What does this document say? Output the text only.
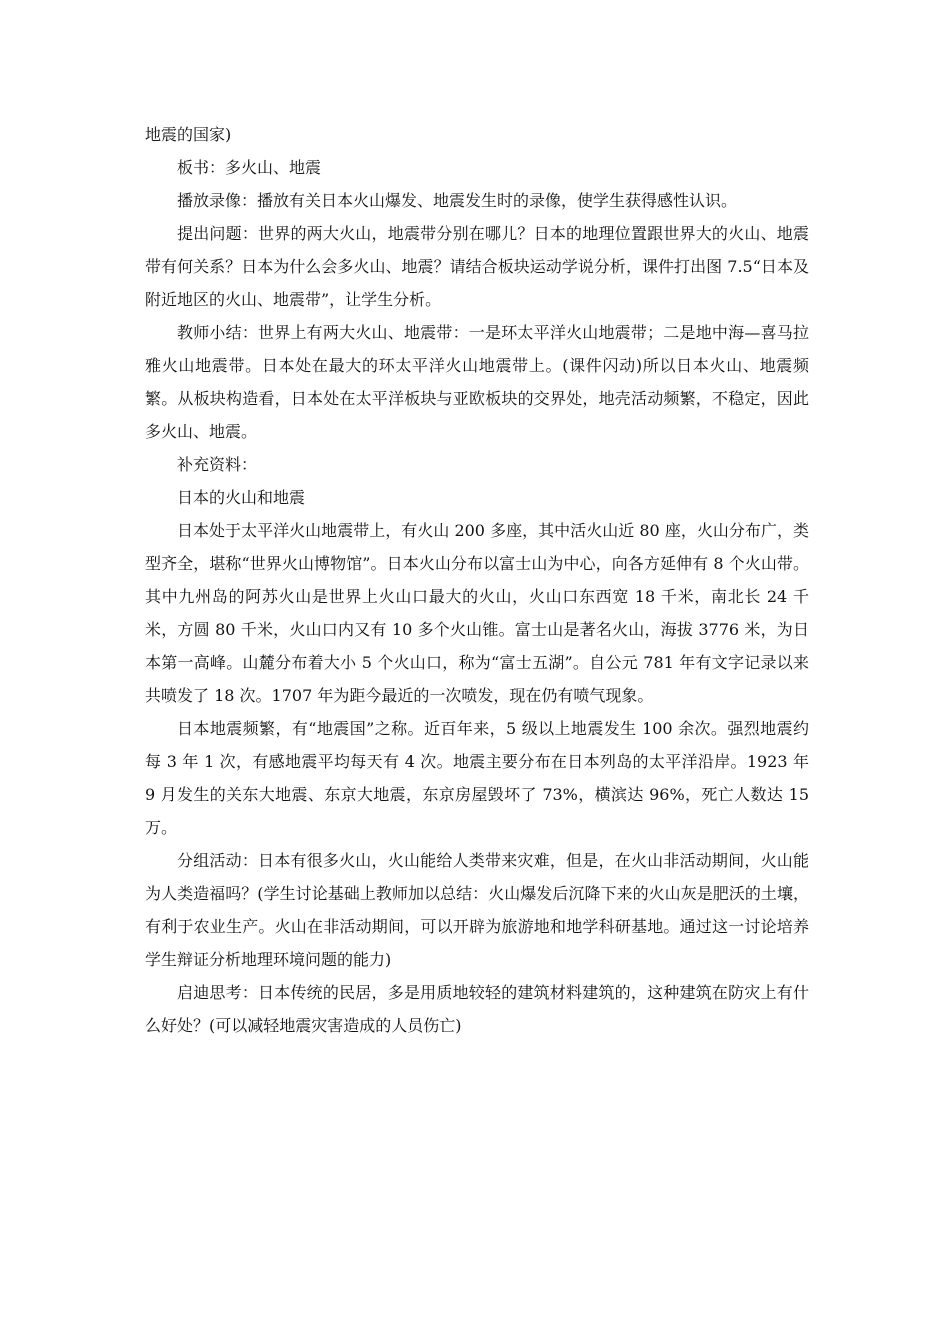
地震的国家)

板书：多火山、地震

播放录像：播放有关日本火山爆发、地震发生时的录像，使学生获得感性认识。

提出问题：世界的两大火山，地震带分别在哪儿？日本的地理位置跟世界大的火山、地震带有何关系？日本为什么会多火山、地震？请结合板块运动学说分析，课件打出图 7.5“日本及附近地区的火山、地震带”，让学生分析。

教师小结：世界上有两大火山、地震带：一是环太平洋火山地震带；二是地中海—喜马拉雅火山地震带。日本处在最大的环太平洋火山地震带上。(课件闪动)所以日本火山、地震频繁。从板块构造看，日本处在太平洋板块与亚欧板块的交界处，地壳活动频繁，不稳定，因此多火山、地震。

补充资料：

日本的火山和地震

日本处于太平洋火山地震带上，有火山 200 多座，其中活火山近 80 座，火山分布广，类型齐全，堪称“世界火山博物馆”。日本火山分布以富士山为中心，向各方延伸有 8 个火山带。其中九州岛的阿苏火山是世界上火山口最大的火山，火山口东西宽 18 千米，南北长 24 千米，方圆 80 千米，火山口内又有 10 多个火山锥。富士山是著名火山，海拔 3776 米，为日本第一高峰。山麓分布着大小 5 个火山口，称为“富士五湖”。自公元 781 年有文字记录以来共喷发了 18 次。1707 年为距今最近的一次喷发，现在仍有喷气现象。

日本地震频繁，有“地震国”之称。近百年来，5 级以上地震发生 100 余次。强烈地震约每 3 年 1 次，有感地震平均每天有 4 次。地震主要分布在日本列岛的太平洋沿岸。1923 年 9 月发生的关东大地震、东京大地震，东京房屋毁坏了 73%，横滨达 96%，死亡人数达 15 万。

分组活动：日本有很多火山，火山能给人类带来灾难，但是，在火山非活动期间，火山能为人类造福吗？(学生讨论基础上教师加以总结：火山爆发后沉降下来的火山灰是肥沃的土壤，有利于农业生产。火山在非活动期间，可以开辟为旅游地和地学科研基地。通过这一讨论培养学生辩证分析地理环境问题的能力)

启迪思考：日本传统的民居，多是用质地较轻的建筑材料建筑的，这种建筑在防灾上有什么好处？(可以减轻地震灾害造成的人员伤亡)
